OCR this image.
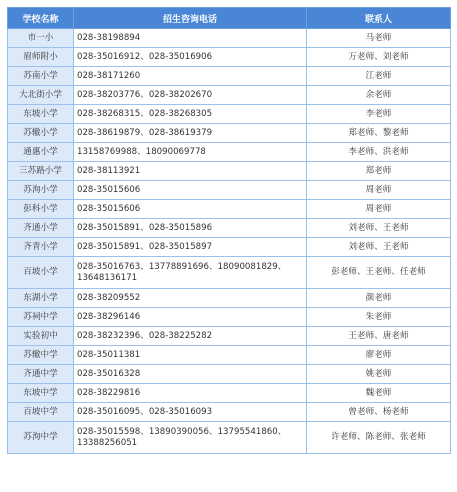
学校名称	招生咨询电话	联系人
市一小	028-38198894	马老师
眉师附小	028-35016912、028-35016906	万老师、刘老师
苏南小学	028-38171260	江老师
大北街小学	028-38203776、028-38202670	余老师
东坡小学	028-38268315、028-38268305	李老师
苏辙小学	028-38619879、028-38619379	郑老师、黎老师
通惠小学	13158769988、18090069778	李老师、洪老师
三苏路小学	028-38113921	郑老师
苏洵小学	028-35015606	周老师
彭科小学	028-35015606	周老师
齐通小学	028-35015891、028-35015896	刘老师、王老师
齐青小学	028-35015891、028-35015897	刘老师、王老师
百坡小学	028-35016763、13778891696、18090081829、13648136171	彭老师、王老师、任老师
东湖小学	028-38209552	颜老师
苏祠中学	028-38296146	朱老师
实验初中	028-38232396、028-38225282	王老师、唐老师
苏辙中学	028-35011381	廖老师
齐通中学	028-35016328	姚老师
东坡中学	028-38229816	魏老师
百坡中学	028-35016095、028-35016093	曾老师、杨老师
苏洵中学	028-35015598、13890390056、13795541860、13388256051	许老师、陈老师、张老师
